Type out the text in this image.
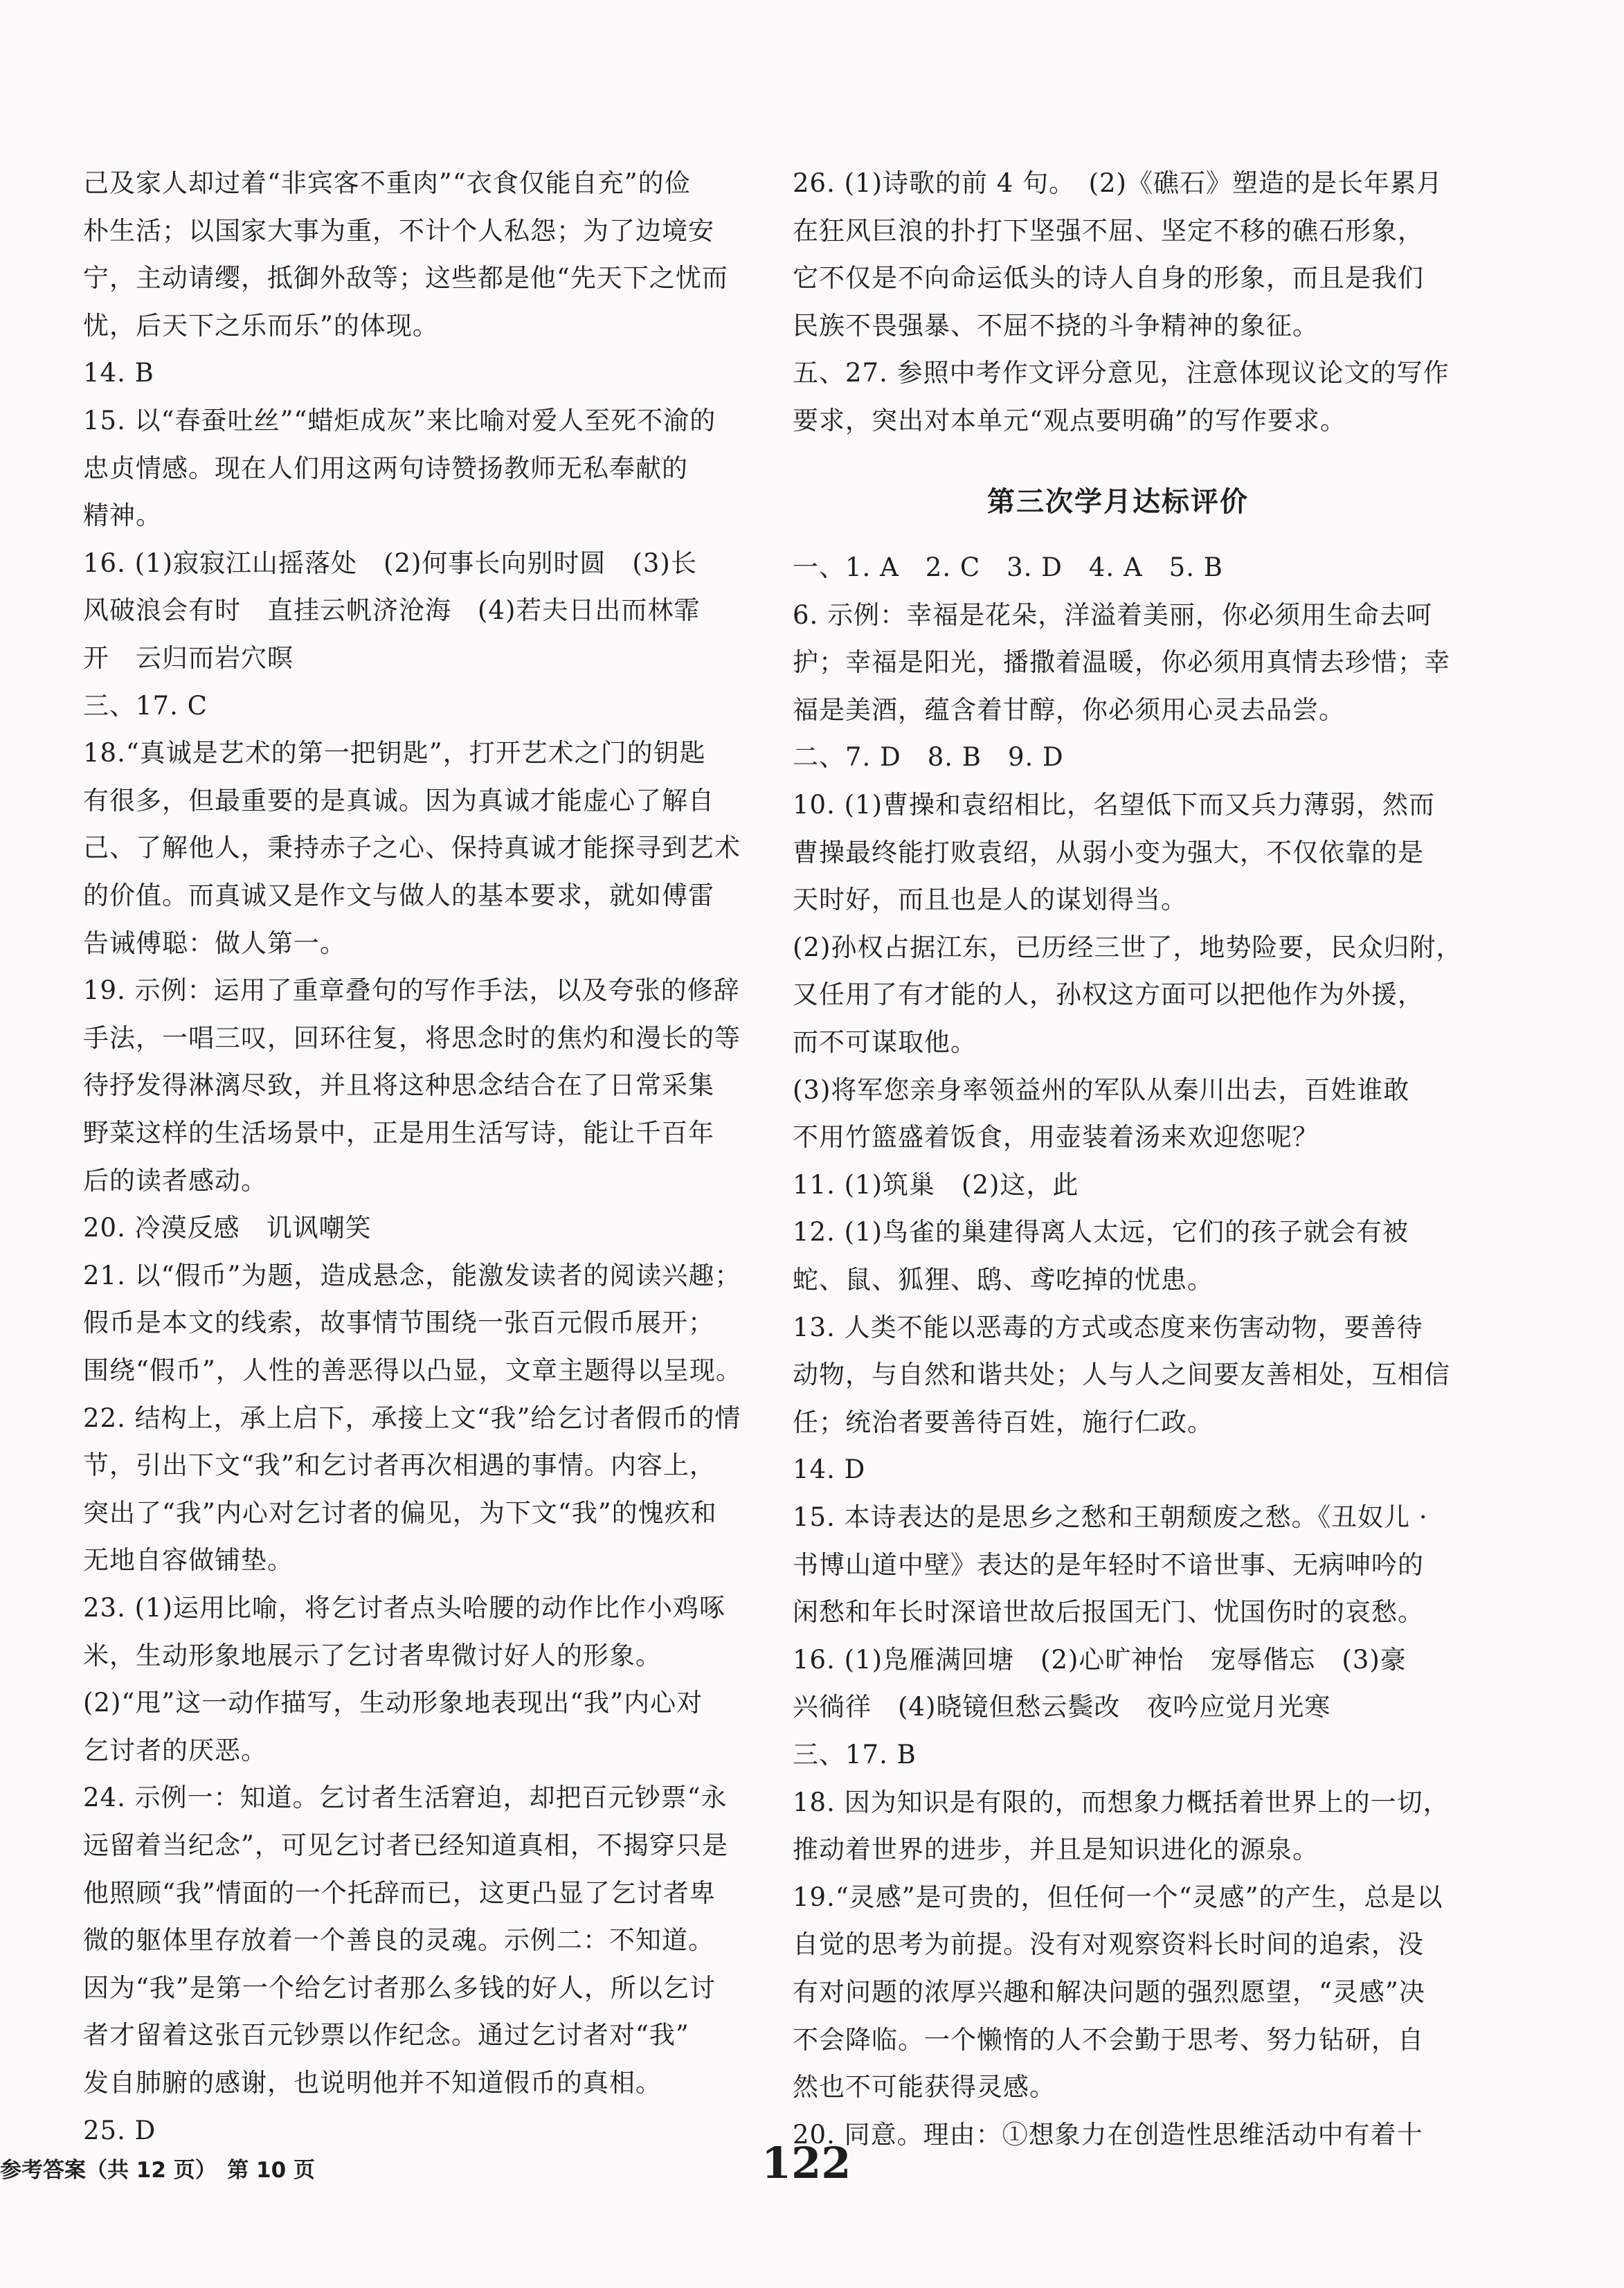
己及家人却过着“非宾客不重肉”“衣食仅能自充”的俭
朴生活；以国家大事为重，不计个人私怨；为了边境安
宁，主动请缨，抵御外敌等；这些都是他“先天下之忧而
忧，后天下之乐而乐”的体现。
14. B
15. 以“春蚕吐丝”“蜡炬成灰”来比喻对爱人至死不渝的
忠贞情感。现在人们用这两句诗赞扬教师无私奉献的
精神。
16. (1)寂寂江山摇落处　(2)何事长向别时圆　(3)长
风破浪会有时　直挂云帆济沧海　(4)若夫日出而林霏
开　云归而岩穴暝
三、17. C
18.“真诚是艺术的第一把钥匙”，打开艺术之门的钥匙
有很多，但最重要的是真诚。因为真诚才能虚心了解自
己、了解他人，秉持赤子之心、保持真诚才能探寻到艺术
的价值。而真诚又是作文与做人的基本要求，就如傅雷
告诫傅聪：做人第一。
19. 示例：运用了重章叠句的写作手法，以及夸张的修辞
手法，一唱三叹，回环往复，将思念时的焦灼和漫长的等
待抒发得淋漓尽致，并且将这种思念结合在了日常采集
野菜这样的生活场景中，正是用生活写诗，能让千百年
后的读者感动。
20. 冷漠反感　讥讽嘲笑
21. 以“假币”为题，造成悬念，能激发读者的阅读兴趣；
假币是本文的线索，故事情节围绕一张百元假币展开；
围绕“假币”，人性的善恶得以凸显，文章主题得以呈现。
22. 结构上，承上启下，承接上文“我”给乞讨者假币的情
节，引出下文“我”和乞讨者再次相遇的事情。内容上，
突出了“我”内心对乞讨者的偏见，为下文“我”的愧疚和
无地自容做铺垫。
23. (1)运用比喻，将乞讨者点头哈腰的动作比作小鸡啄
米，生动形象地展示了乞讨者卑微讨好人的形象。
(2)“甩”这一动作描写，生动形象地表现出“我”内心对
乞讨者的厌恶。
24. 示例一：知道。乞讨者生活窘迫，却把百元钞票“永
远留着当纪念”，可见乞讨者已经知道真相，不揭穿只是
他照顾“我”情面的一个托辞而已，这更凸显了乞讨者卑
微的躯体里存放着一个善良的灵魂。示例二：不知道。
因为“我”是第一个给乞讨者那么多钱的好人，所以乞讨
者才留着这张百元钞票以作纪念。通过乞讨者对“我”
发自肺腑的感谢，也说明他并不知道假币的真相。
25. D
26. (1)诗歌的前 4 句。　(2)《礁石》塑造的是长年累月
在狂风巨浪的扑打下坚强不屈、坚定不移的礁石形象，
它不仅是不向命运低头的诗人自身的形象，而且是我们
民族不畏强暴、不屈不挠的斗争精神的象征。
五、27. 参照中考作文评分意见，注意体现议论文的写作
要求，突出对本单元“观点要明确”的写作要求。
第三次学月达标评价
一、1. A　2. C　3. D　4. A　5. B
6. 示例：幸福是花朵，洋溢着美丽，你必须用生命去呵
护；幸福是阳光，播撒着温暖，你必须用真情去珍惜；幸
福是美酒，蕴含着甘醇，你必须用心灵去品尝。
二、7. D　8. B　9. D
10. (1)曹操和袁绍相比，名望低下而又兵力薄弱，然而
曹操最终能打败袁绍，从弱小变为强大，不仅依靠的是
天时好，而且也是人的谋划得当。
(2)孙权占据江东，已历经三世了，地势险要，民众归附，
又任用了有才能的人，孙权这方面可以把他作为外援，
而不可谋取他。
(3)将军您亲身率领益州的军队从秦川出去，百姓谁敢
不用竹篮盛着饭食，用壶装着汤来欢迎您呢？
11. (1)筑巢　(2)这，此
12. (1)鸟雀的巢建得离人太远，它们的孩子就会有被
蛇、鼠、狐狸、鸱、鸢吃掉的忧患。
13. 人类不能以恶毒的方式或态度来伤害动物，要善待
动物，与自然和谐共处；人与人之间要友善相处，互相信
任；统治者要善待百姓，施行仁政。
14. D
15. 本诗表达的是思乡之愁和王朝颓废之愁。《丑奴儿 ·
书博山道中壁》表达的是年轻时不谙世事、无病呻吟的
闲愁和年长时深谙世故后报国无门、忧国伤时的哀愁。
16. (1)凫雁满回塘　(2)心旷神怡　宠辱偕忘　(3)豪
兴徜徉　(4)晓镜但愁云鬓改　夜吟应觉月光寒
三、17. B
18. 因为知识是有限的，而想象力概括着世界上的一切，
推动着世界的进步，并且是知识进化的源泉。
19.“灵感”是可贵的，但任何一个“灵感”的产生，总是以
自觉的思考为前提。没有对观察资料长时间的追索，没
有对问题的浓厚兴趣和解决问题的强烈愿望，“灵感”决
不会降临。一个懒惰的人不会勤于思考、努力钻研，自
然也不可能获得灵感。
20. 同意。理由：①想象力在创造性思维活动中有着十
参考答案（共 12 页）　第 10 页	122
